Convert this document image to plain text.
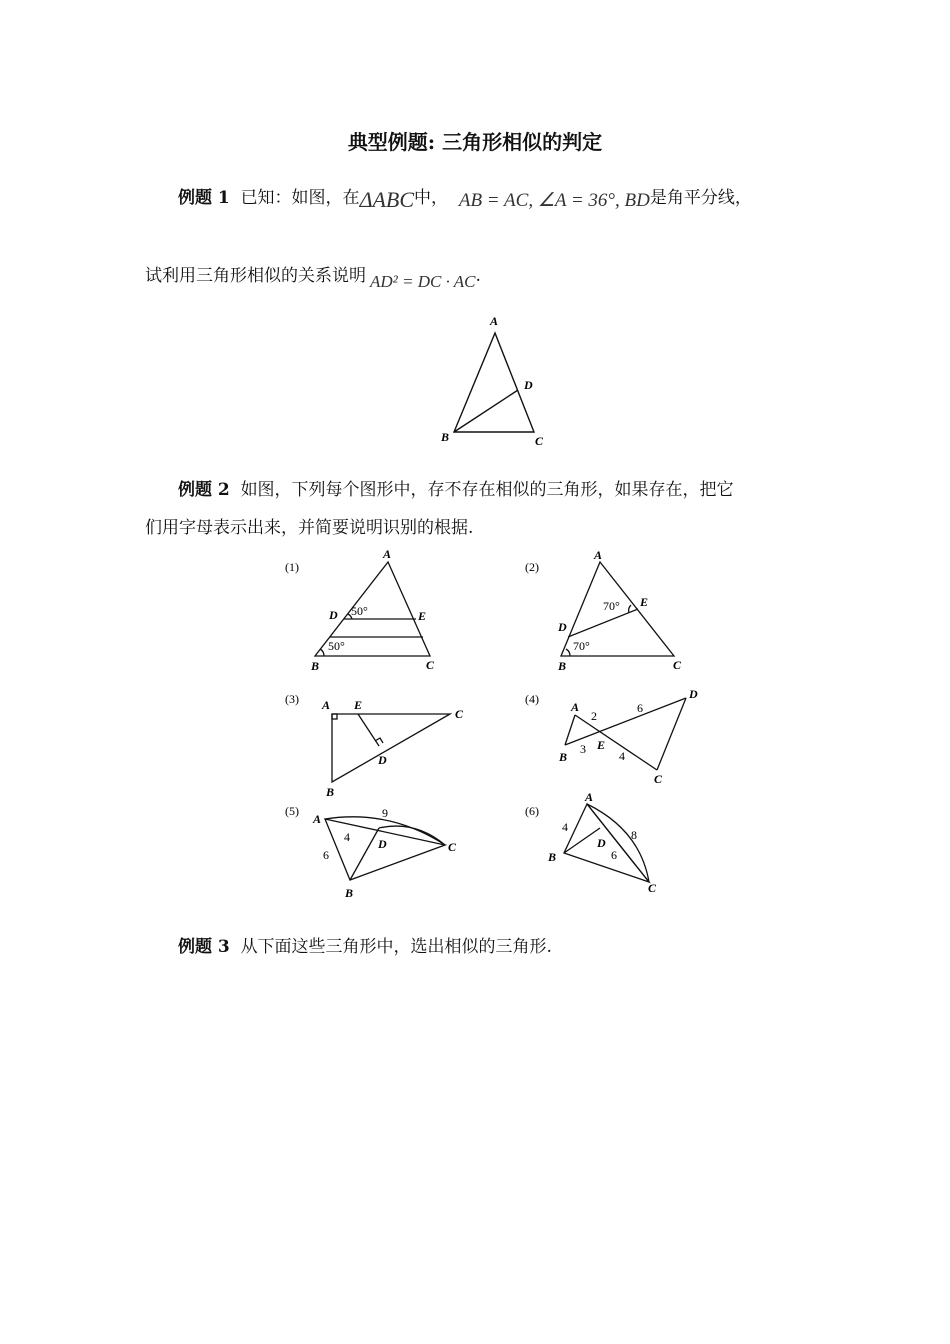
典型例题: 三角形相似的判定
例题 1 已知：如图，在ΔABC中， AB = AC, ∠A = 36°, BD是角平分线，
试利用三角形相似的关系说明 AD² = DC · AC.
A
D
B	C
例题 2 如图，下列每个图形中，存不存在相似的三角形，如果存在，把它
们用字母表示出来，并简要说明识别的根据.
(1)
A
B	C
D	E
50°
50°
(2)
A
B	C
D
E
70°
70°
(3) A
B
C
D
E	(4)
A
B
C
D
E
2
6
3	4
(5)
A
B
C
D
9
4
6
(6)
A
B
C
D
4
8
6
例题 3 从下面这些三角形中，选出相似的三角形.
